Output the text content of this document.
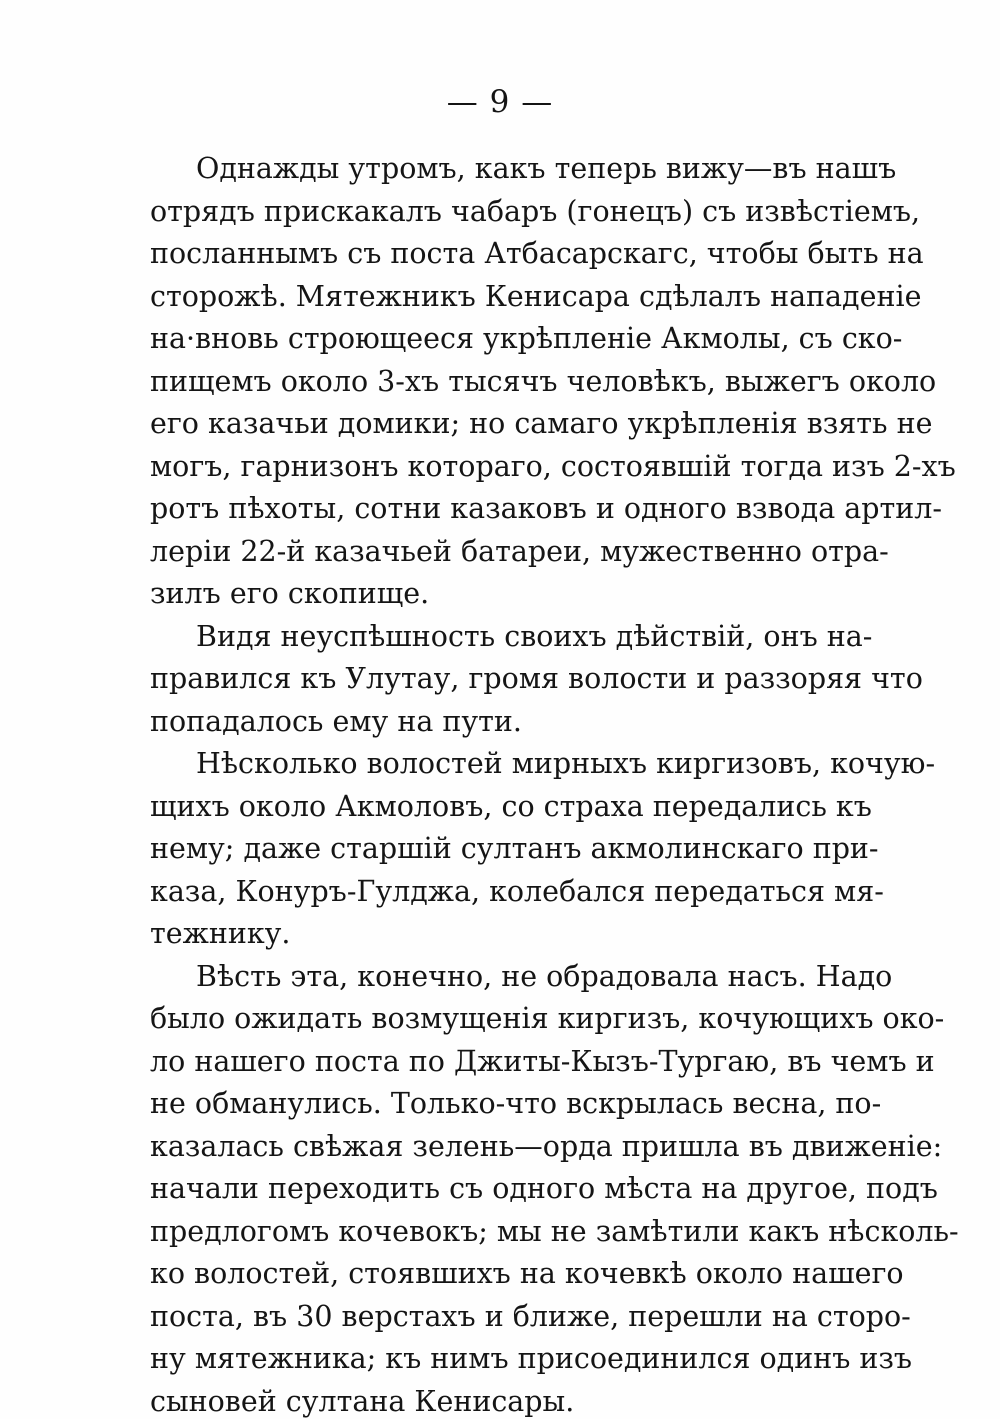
— 9 —
Однажды утромъ, какъ теперь вижу—въ нашъ
отрядъ прискакалъ чабаръ (гонецъ) съ извѣстіемъ,
посланнымъ съ поста Атбасарскагс, чтобы быть на
сторожѣ. Мятежникъ Кенисара сдѣлалъ нападеніе
на·вновь строющееся укрѣпленіе Акмолы, съ ско-
пищемъ около 3-хъ тысячъ человѣкъ, выжегъ около
его казачьи домики; но самаго укрѣпленія взять не
могъ, гарнизонъ котораго, состоявшій тогда изъ 2-хъ
ротъ пѣхоты, сотни казаковъ и одного взвода артил-
леріи 22-й казачьей батареи, мужественно отра-
зилъ его скопище.
Видя неуспѣшность своихъ дѣйствій, онъ на-
правился къ Улутау, громя волости и раззоряя что
попадалось ему на пути.
Нѣсколько волостей мирныхъ киргизовъ, кочую-
щихъ около Акмоловъ, со страха передались къ
нему; даже старшій султанъ акмолинскаго при-
каза, Конуръ-Гулджа, колебался передаться мя-
тежнику.
Вѣсть эта, конечно, не обрадовала насъ. Надо
было ожидать возмущенія киргизъ, кочующихъ око-
ло нашего поста по Джиты-Кызъ-Тургаю, въ чемъ и
не обманулись. Только-что вскрылась весна, по-
казалась свѣжая зелень—орда пришла въ движеніе:
начали переходить съ одного мѣста на другое, подъ
предлогомъ кочевокъ; мы не замѣтили какъ нѣсколь-
ко волостей, стоявшихъ на кочевкѣ около нашего
поста, въ 30 верстахъ и ближе, перешли на сторо-
ну мятежника; къ нимъ присоединился одинъ изъ
сыновей султана Кенисары.
